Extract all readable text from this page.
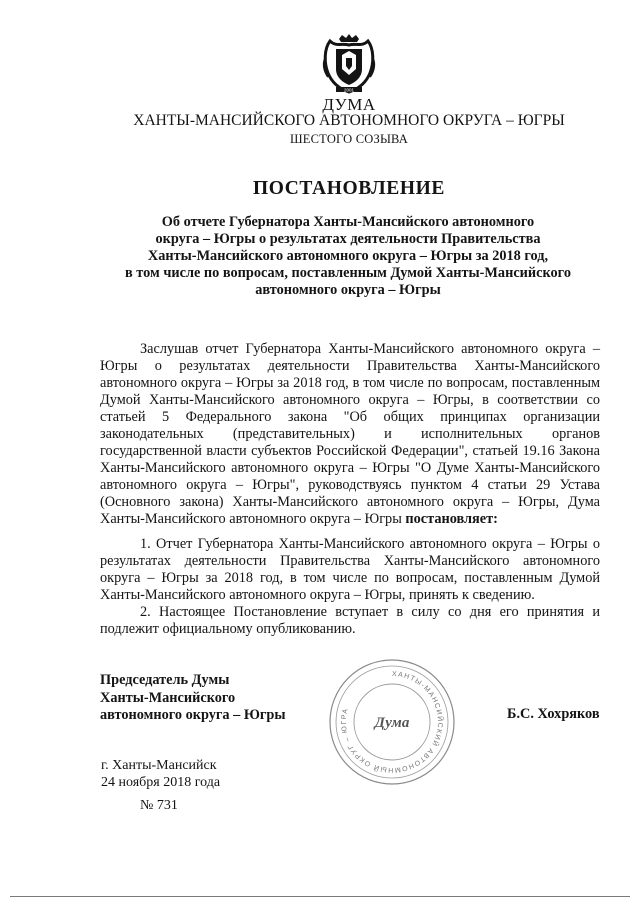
2001
ДУМА
ХАНТЫ-МАНСИЙСКОГО АВТОНОМНОГО ОКРУГА – ЮГРЫ
ШЕСТОГО СОЗЫВА
ПОСТАНОВЛЕНИЕ
Об отчете Губернатора Ханты-Мансийского автономного
округа – Югры о результатах деятельности Правительства
Ханты-Мансийского автономного округа – Югры за 2018 год,
в том числе по вопросам, поставленным Думой Ханты-Мансийского
автономного округа – Югры

Заслушав отчет Губернатора Ханты-Мансийского автономного округа – Югры о результатах деятельности Правительства Ханты-Мансийского автономного округа – Югры за 2018 год, в том числе по вопросам, поставленным Думой Ханты-Мансийского автономного округа – Югры, в соответствии со статьей 5 Федерального закона "Об общих принципах организации законодательных (представительных) и исполнительных органов государственной власти субъектов Российской Федерации", статьей 19.16 Закона Ханты-Мансийского автономного округа – Югры "О Думе Ханты-Мансийского автономного округа – Югры", руководствуясь пунктом 4 статьи 29 Устава (Основного закона) Ханты-Мансийского автономного округа – Югры, Дума Ханты-Мансийского автономного округа – Югры постановляет:

1. Отчет Губернатора Ханты-Мансийского автономного округа – Югры о результатах деятельности Правительства Ханты-Мансийского автономного округа – Югры за 2018 год, в том числе по вопросам, поставленным Думой Ханты-Мансийского автономного округа – Югры, принять к сведению.

2. Настоящее Постановление вступает в силу со дня его принятия и подлежит официальному опубликованию.

Председатель Думы
Ханты-Мансийского
автономного округа – Югры
ХАНТЫ-МАНСИЙСКИЙ АВТОНОМНЫЙ ОКРУГ – ЮГРА
Дума
Б.С. Хохряков
г. Ханты-Мансийск
24 ноября 2018 года
№ 731
